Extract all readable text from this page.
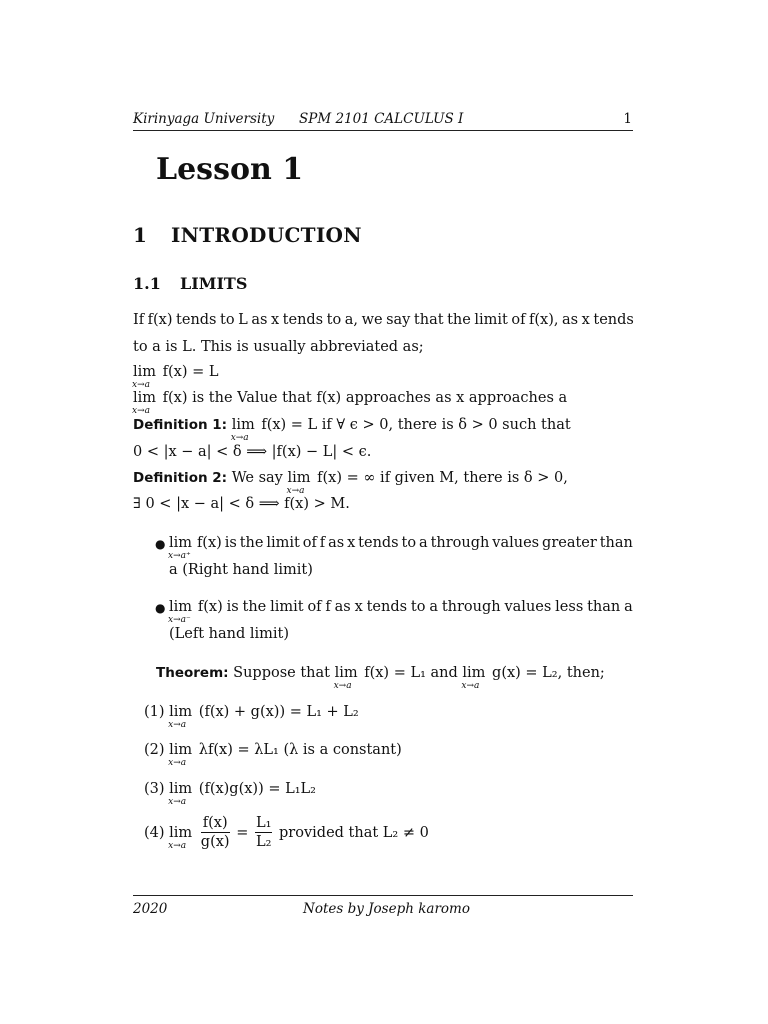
Kirinyaga University SPM 2101 CALCULUS I	1
Lesson 1
1 INTRODUCTION
1.1 LIMITS
If f(x) tends to L as x tends to a, we say that the limit of f(x), as x tends
to a is L. This is usually abbreviated as;
lim
x→a
f(x) = L
lim
x→a
f(x) is the Value that f(x) approaches as x approaches a
Definition 1: lim
x→a
f(x) = L if ∀ ϵ > 0, there is δ > 0 such that
0 < |x − a| < δ ⟹ |f(x) − L| < ϵ.
Definition 2: We say lim
x→a
f(x) = ∞ if given M, there is δ > 0,
∃ 0 < |x − a| < δ ⟹ f(x) > M.
● lim
x→a⁺
f(x) is the limit of f as x tends to a through values greater than
a (Right hand limit)
● lim
x→a⁻
f(x) is the limit of f as x tends to a through values less than a
(Left hand limit)
Theorem: Suppose that lim
x→a
f(x) = L₁ and lim
x→a
g(x) = L₂, then;
(1) lim
x→a
(f(x) + g(x)) = L₁ + L₂
(2) lim
x→a
λf(x) = λL₁ (λ is a constant)
(3) lim
x→a
(f(x)g(x)) = L₁L₂
(4) lim
x→a
$\frac{f(x)}{g(x)} = \frac{\text{L₁}}{\text{L₂}}$ provided that L₂ ≠ 0
2020	Notes by Joseph karomo
